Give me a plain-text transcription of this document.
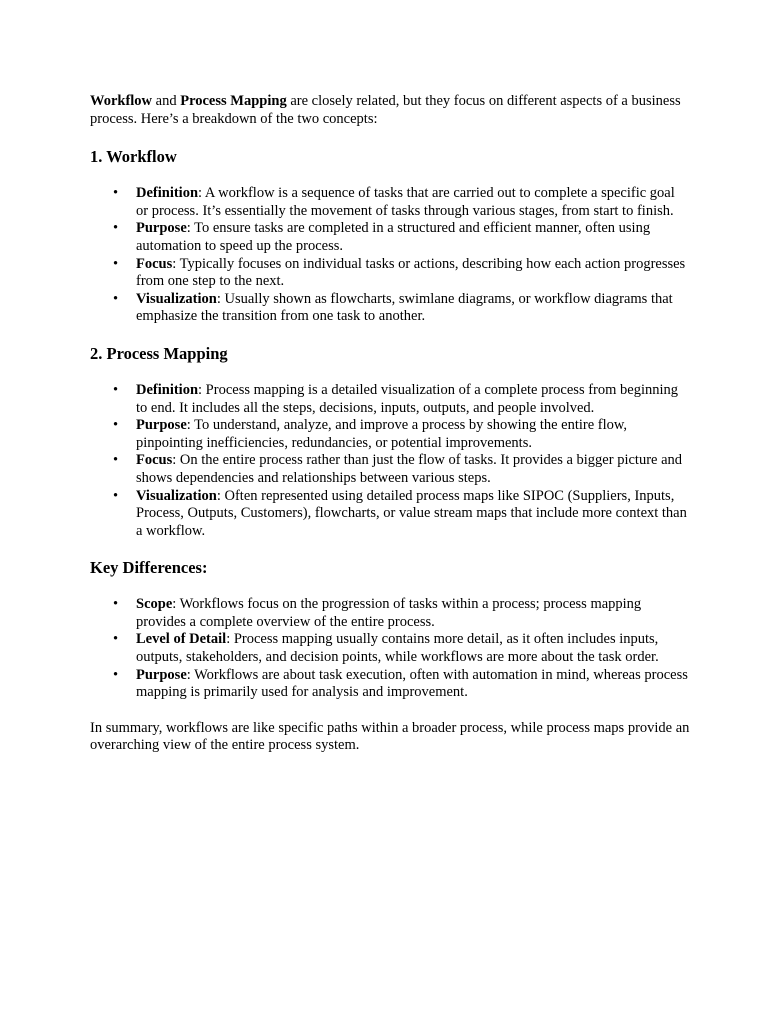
Workflow and Process Mapping are closely related, but they focus on different aspects of a business process. Here’s a breakdown of the two concepts:

1. Workflow
• Definition: A workflow is a sequence of tasks that are carried out to complete a specific goal or process. It’s essentially the movement of tasks through various stages, from start to finish.
• Purpose: To ensure tasks are completed in a structured and efficient manner, often using automation to speed up the process.
• Focus: Typically focuses on individual tasks or actions, describing how each action progresses from one step to the next.
• Visualization: Usually shown as flowcharts, swimlane diagrams, or workflow diagrams that emphasize the transition from one task to another.
2. Process Mapping
• Definition: Process mapping is a detailed visualization of a complete process from beginning to end. It includes all the steps, decisions, inputs, outputs, and people involved.
• Purpose: To understand, analyze, and improve a process by showing the entire flow, pinpointing inefficiencies, redundancies, or potential improvements.
• Focus: On the entire process rather than just the flow of tasks. It provides a bigger picture and shows dependencies and relationships between various steps.
• Visualization: Often represented using detailed process maps like SIPOC (Suppliers, Inputs, Process, Outputs, Customers), flowcharts, or value stream maps that include more context than a workflow.
Key Differences:
• Scope: Workflows focus on the progression of tasks within a process; process mapping provides a complete overview of the entire process.
• Level of Detail: Process mapping usually contains more detail, as it often includes inputs, outputs, stakeholders, and decision points, while workflows are more about the task order.
• Purpose: Workflows are about task execution, often with automation in mind, whereas process mapping is primarily used for analysis and improvement.

In summary, workflows are like specific paths within a broader process, while process maps provide an overarching view of the entire process system.
